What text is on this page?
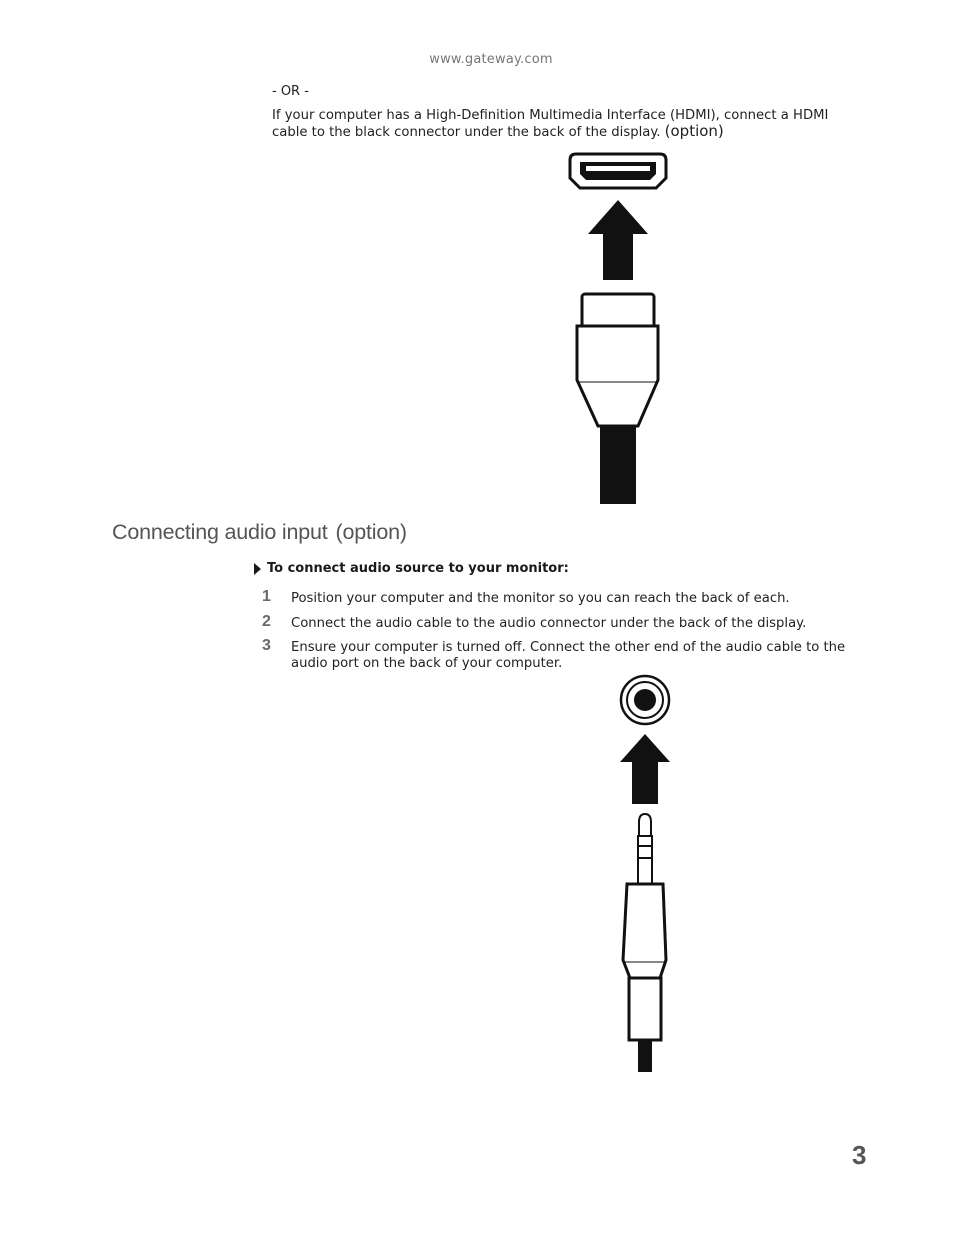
www.gateway.com
- OR -
If your computer has a High-Definition Multimedia Interface (HDMI), connect a HDMI cable to the black connector under the back of the display. (option)
Connecting audio input (option)
To connect audio source to your monitor:
1	Position your computer and the monitor so you can reach the back of each.
2	Connect the audio cable to the audio connector under the back of the display.
3	Ensure your computer is turned off. Connect the other end of the audio cable to the audio port on the back of your computer.
3
